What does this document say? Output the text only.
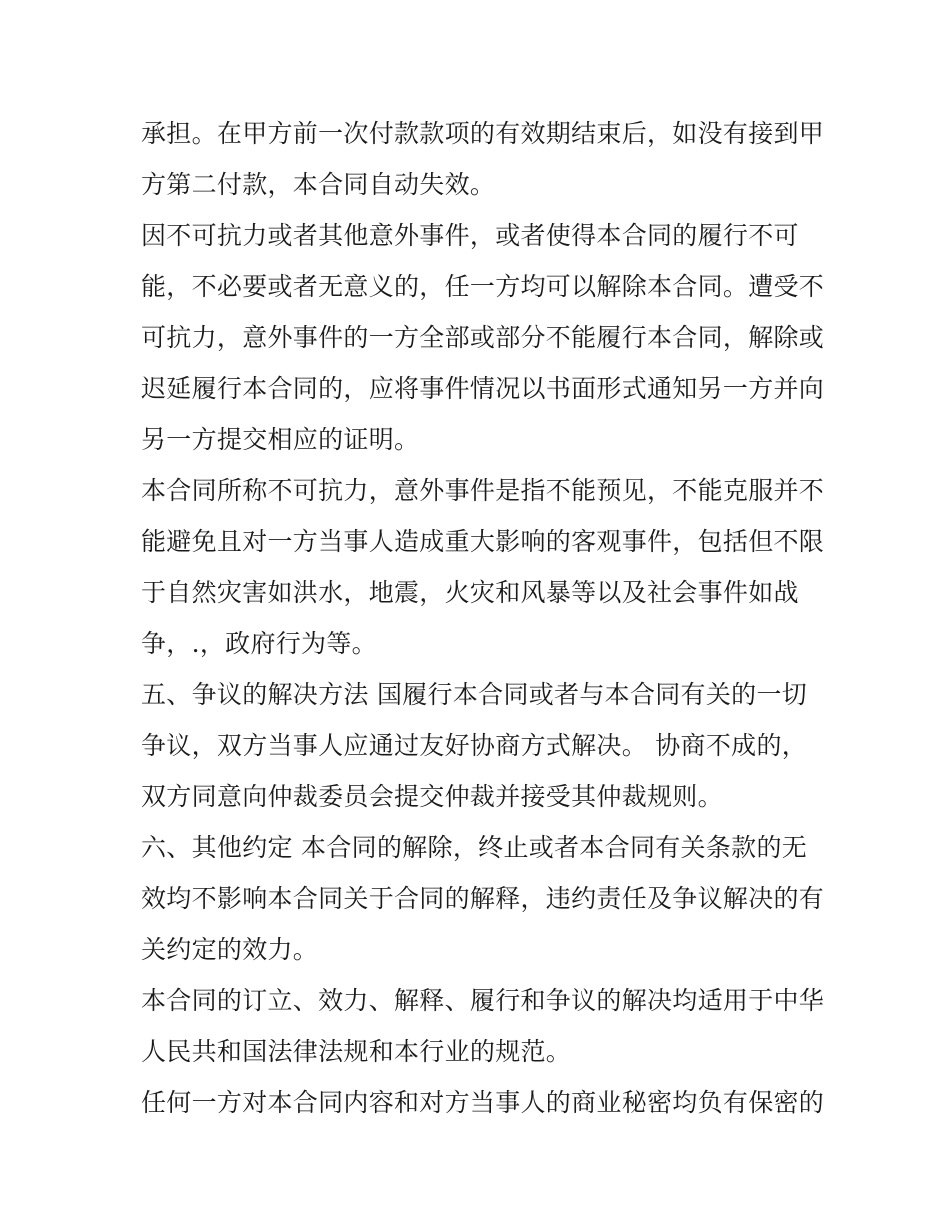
承担。在甲方前一次付款款项的有效期结束后，如没有接到甲
方第二付款，本合同自动失效。
因不可抗力或者其他意外事件，或者使得本合同的履行不可
能，不必要或者无意义的，任一方均可以解除本合同。遭受不
可抗力，意外事件的一方全部或部分不能履行本合同，解除或
迟延履行本合同的，应将事件情况以书面形式通知另一方并向
另一方提交相应的证明。
本合同所称不可抗力，意外事件是指不能预见，不能克服并不
能避免且对一方当事人造成重大影响的客观事件，包括但不限
于自然灾害如洪水，地震，火灾和风暴等以及社会事件如战
争，.，政府行为等。
五、争议的解决方法 国履行本合同或者与本合同有关的一切
争议，双方当事人应通过友好协商方式解决。 协商不成的，
双方同意向仲裁委员会提交仲裁并接受其仲裁规则。
六、其他约定 本合同的解除，终止或者本合同有关条款的无
效均不影响本合同关于合同的解释，违约责任及争议解决的有
关约定的效力。
本合同的订立、效力、解释、履行和争议的解决均适用于中华
人民共和国法律法规和本行业的规范。
任何一方对本合同内容和对方当事人的商业秘密均负有保密的
